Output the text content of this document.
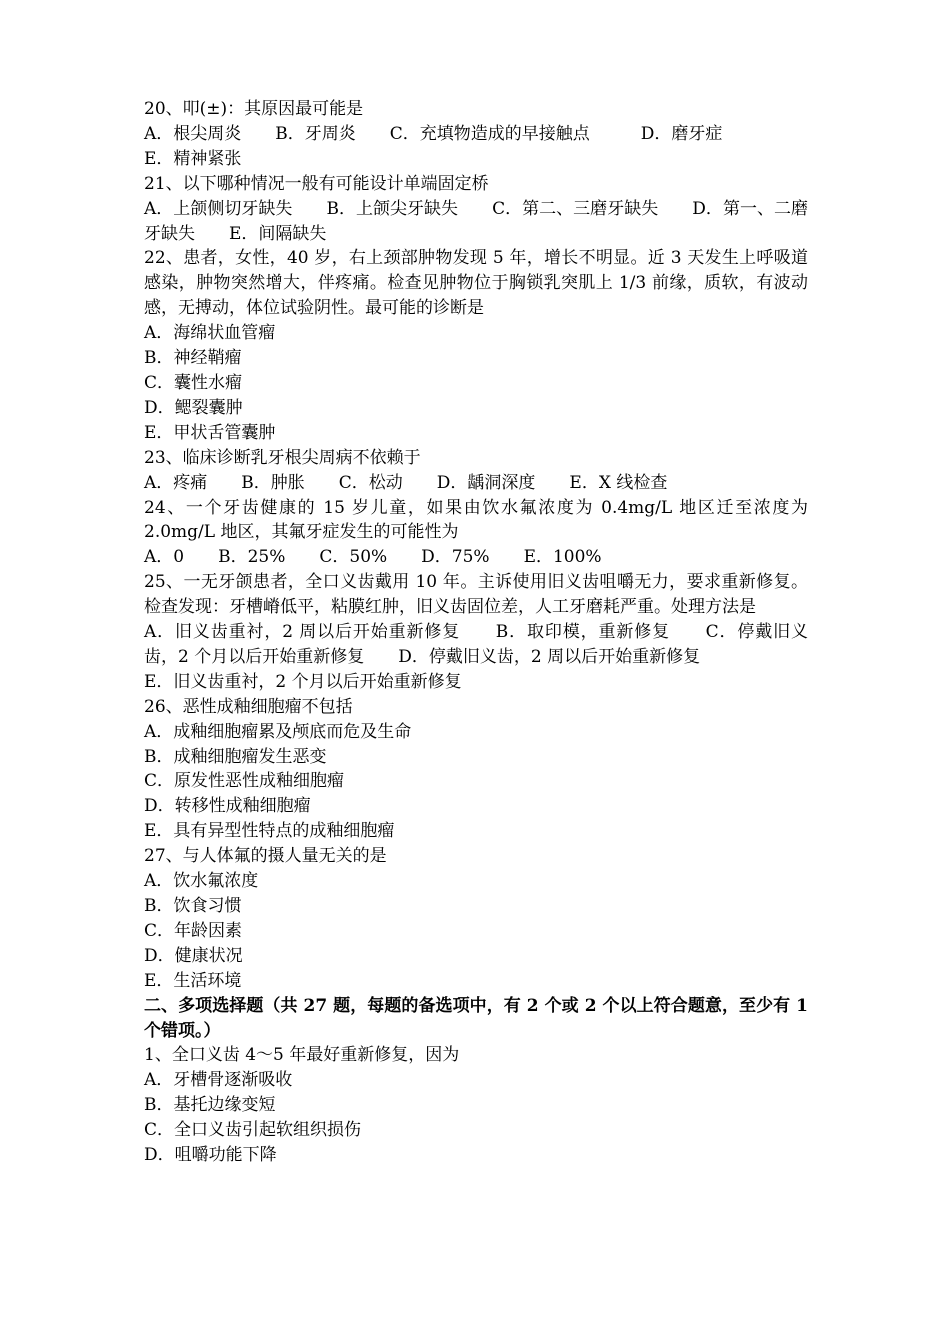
20、叩(±)：其原因最可能是

A．根尖周炎　　B．牙周炎　　C．充填物造成的早接触点　　　D．磨牙症

E．精神紧张

21、以下哪种情况一般有可能设计单端固定桥

A．上颌侧切牙缺失　　B．上颌尖牙缺失　　C．第二、三磨牙缺失　　D．第一、二磨牙缺失　　E．间隔缺失

22、患者，女性，40 岁，右上颈部肿物发现 5 年，增长不明显。近 3 天发生上呼吸道感染，肿物突然增大，伴疼痛。检查见肿物位于胸锁乳突肌上 1/3 前缘，质软，有波动感，无搏动，体位试验阴性。最可能的诊断是

A．海绵状血管瘤

B．神经鞘瘤

C．囊性水瘤

D．鳃裂囊肿

E．甲状舌管囊肿

23、临床诊断乳牙根尖周病不依赖于

A．疼痛　　B．肿胀　　C．松动　　D．龋洞深度　　E．X 线检查

24、一个牙齿健康的 15 岁儿童，如果由饮水氟浓度为 0.4mg/L 地区迁至浓度为 2.0mg/L 地区，其氟牙症发生的可能性为

A．0　　B．25%　　C．50%　　D．75%　　E．100%

25、一无牙颌患者，全口义齿戴用 10 年。主诉使用旧义齿咀嚼无力，要求重新修复。检查发现：牙槽嵴低平，粘膜红肿，旧义齿固位差，人工牙磨耗严重。处理方法是

A．旧义齿重衬，2 周以后开始重新修复　　B．取印模，重新修复　　C．停戴旧义齿，2 个月以后开始重新修复　　D．停戴旧义齿，2 周以后开始重新修复

E．旧义齿重衬，2 个月以后开始重新修复

26、恶性成釉细胞瘤不包括

A．成釉细胞瘤累及颅底而危及生命

B．成釉细胞瘤发生恶变

C．原发性恶性成釉细胞瘤

D．转移性成釉细胞瘤

E．具有异型性特点的成釉细胞瘤

27、与人体氟的摄人量无关的是

A．饮水氟浓度

B．饮食习惯

C．年龄因素

D．健康状况

E．生活环境

二、多项选择题（共 27 题，每题的备选项中，有 2 个或 2 个以上符合题意，至少有 1 个错项。）

1、全口义齿 4～5 年最好重新修复，因为

A．牙槽骨逐渐吸收

B．基托边缘变短

C．全口义齿引起软组织损伤

D．咀嚼功能下降
